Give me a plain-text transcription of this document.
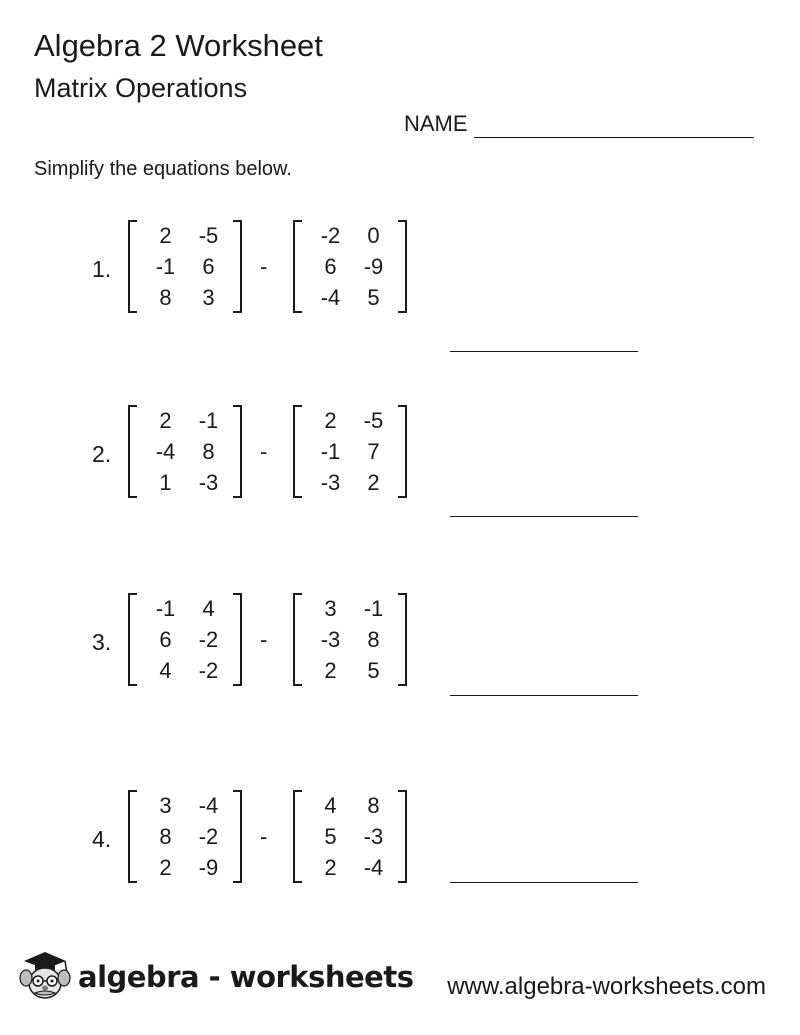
Algebra 2 Worksheet
Matrix Operations
NAME
Simplify the equations below.
1.
2	-5
-1	6
8	3
-
-2	0
6	-9
-4	5
2.
2	-1
-4	8
1	-3
-
2	-5
-1	7
-3	2
3.
-1	4
6	-2
4	-2
-
3	-1
-3	8
2	5
4.
3	-4
8	-2
2	-9
-
4	8
5	-3
2	-4
algebra - worksheets www.algebra-worksheets.com
